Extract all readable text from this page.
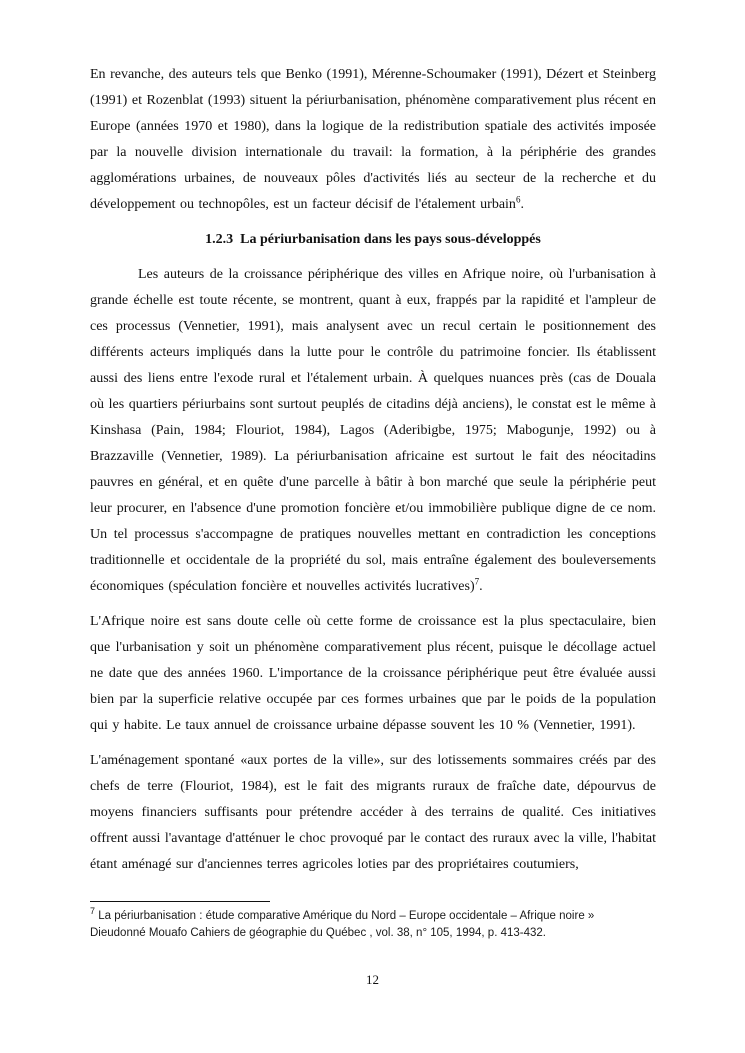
En revanche, des auteurs tels que Benko (1991), Mérenne-Schoumaker (1991), Dézert et Steinberg (1991) et Rozenblat (1993) situent la périurbanisation, phénomène comparativement plus récent en Europe (années 1970 et 1980), dans la logique de la redistribution spatiale des activités imposée par la nouvelle division internationale du travail: la formation, à la périphérie des grandes agglomérations urbaines, de nouveaux pôles d'activités liés au secteur de la recherche et du développement ou technopôles, est un facteur décisif de l'étalement urbain$^6$.

1.2.3  La périurbanisation dans les pays sous-développés

Les auteurs de la croissance périphérique des villes en Afrique noire, où l'urbanisation à grande échelle est toute récente, se montrent, quant à eux, frappés par la rapidité et l'ampleur de ces processus (Vennetier, 1991), mais analysent avec un recul certain le positionnement des différents acteurs impliqués dans la lutte pour le contrôle du patrimoine foncier. Ils établissent aussi des liens entre l'exode rural et l'étalement urbain. À quelques nuances près (cas de Douala où les quartiers périurbains sont surtout peuplés de citadins déjà anciens), le constat est le même à Kinshasa (Pain, 1984; Flouriot, 1984), Lagos (Aderibigbe, 1975; Mabogunje, 1992) ou à Brazzaville (Vennetier, 1989). La périurbanisation africaine est surtout le fait des néocitadins pauvres en général, et en quête d'une parcelle à bâtir à bon marché que seule la périphérie peut leur procurer, en l'absence d'une promotion foncière et/ou immobilière publique digne de ce nom. Un tel processus s'accompagne de pratiques nouvelles mettant en contradiction les conceptions traditionnelle et occidentale de la propriété du sol, mais entraîne également des bouleversements économiques (spéculation foncière et nouvelles activités lucratives)$^7$.

L'Afrique noire est sans doute celle où cette forme de croissance est la plus spectaculaire, bien que l'urbanisation y soit un phénomène comparativement plus récent, puisque le décollage actuel ne date que des années 1960. L'importance de la croissance périphérique peut être évaluée aussi bien par la superficie relative occupée par ces formes urbaines que par le poids de la population qui y habite. Le taux annuel de croissance urbaine dépasse souvent les 10 % (Vennetier, 1991).

L'aménagement spontané «aux portes de la ville», sur des lotissements sommaires créés par des chefs de terre (Flouriot, 1984), est le fait des migrants ruraux de fraîche date, dépourvus de moyens financiers suffisants pour prétendre accéder à des terrains de qualité. Ces initiatives offrent aussi l'avantage d'atténuer le choc provoqué par le contact des ruraux avec la ville, l'habitat étant aménagé sur d'anciennes terres agricoles loties par des propriétaires coutumiers,

$^7$ La périurbanisation : étude comparative Amérique du Nord – Europe occidentale – Afrique noire »

Dieudonné Mouafo Cahiers de géographie du Québec , vol. 38, n° 105, 1994, p. 413-432.

12
